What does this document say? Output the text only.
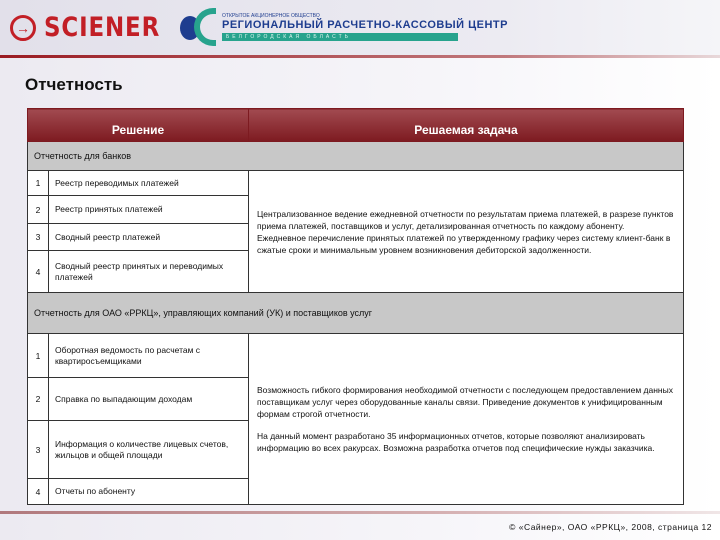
→ SCIENER	ОТКРЫТОЕ АКЦИОНЕРНОЕ ОБЩЕСТВО
РЕГИОНАЛЬНЫЙ РАСЧЕТНО-КАССОВЫЙ ЦЕНТР
БЕЛГОРОДСКАЯ ОБЛАСТЬ
Отчетность
Решение		Решаемая задача
Отчетность для банков		
1	Реестр переводимых платежей	Централизованное ведение ежедневной отчетности по результатам приема платежей, в разрезе пунктов приема платежей, поставщиков и услуг, детализированная отчетность по каждому абоненту. Ежедневное перечисление принятых платежей по утвержденному графику через систему клиент-банк в сжатые сроки и минимальным уровнем возникновения дебиторской задолженности.

2	Реестр принятых платежей	
3	Сводный реестр платежей	
4	Сводный реестр принятых и переводимых платежей	
Отчетность для ОАО «РРКЦ», управляющих компаний (УК) и поставщиков услуг		
1	Оборотная ведомость по расчетам с квартиросъемщиками	Возможность гибкого формирования необходимой отчетности с последующем предоставлением данных поставщикам услуг через оборудованные каналы связи. Приведение документов к унифицированным формам строгой отчетности.

На данный момент разработано 35 информационных отчетов, которые позволяют анализировать информацию во всех ракурсах. Возможна разработка отчетов под специфические нужды заказчика.

2	Справка по выпадающим доходам	
3	Информация о количестве лицевых счетов, жильцов и общей площади	
4	Отчеты по абоненту	
© «Сайнер», ОАО «РРКЦ», 2008, страница 12
